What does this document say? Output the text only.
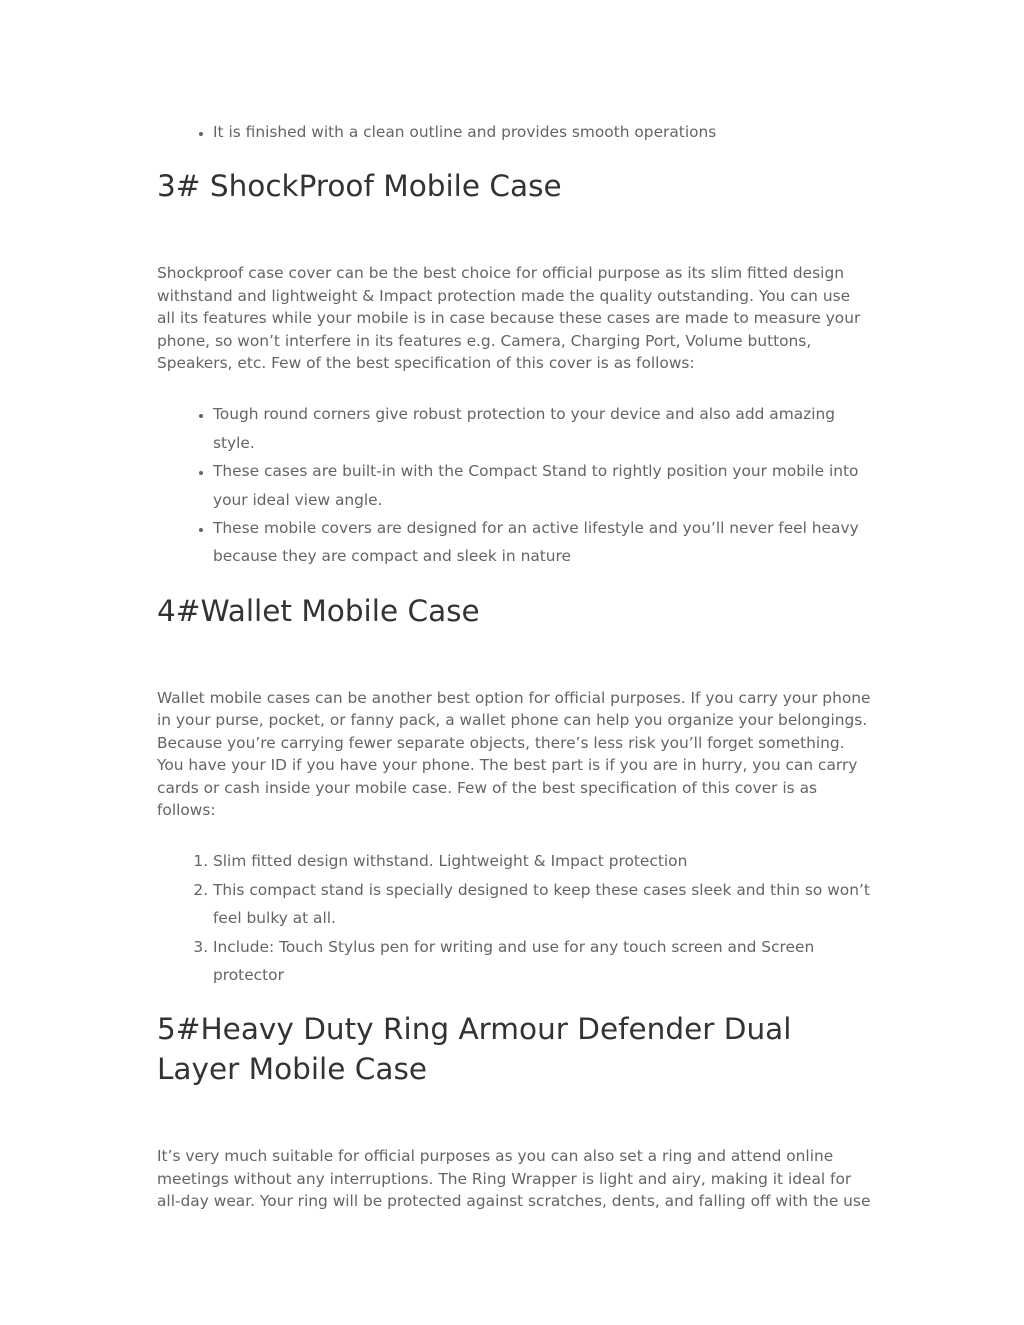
• It is finished with a clean outline and provides smooth operations
3# ShockProof Mobile Case

Shockproof case cover can be the best choice for official purpose as its slim fitted design withstand and lightweight & Impact protection made the quality outstanding. You can use all its features while your mobile is in case because these cases are made to measure your phone, so won’t interfere in its features e.g. Camera, Charging Port, Volume buttons, Speakers, etc. Few of the best specification of this cover is as follows:

• Tough round corners give robust protection to your device and also add amazing style.
• These cases are built-in with the Compact Stand to rightly position your mobile into your ideal view angle.
• These mobile covers are designed for an active lifestyle and you’ll never feel heavy because they are compact and sleek in nature
4#Wallet Mobile Case

Wallet mobile cases can be another best option for official purposes. If you carry your phone in your purse, pocket, or fanny pack, a wallet phone can help you organize your belongings. Because you’re carrying fewer separate objects, there’s less risk you’ll forget something. You have your ID if you have your phone. The best part is if you are in hurry, you can carry cards or cash inside your mobile case. Few of the best specification of this cover is as follows:

1. Slim fitted design withstand. Lightweight & Impact protection
2. This compact stand is specially designed to keep these cases sleek and thin so won’t feel bulky at all.
3. Include: Touch Stylus pen for writing and use for any touch screen and Screen protector
5#Heavy Duty Ring Armour Defender Dual Layer Mobile Case

It’s very much suitable for official purposes as you can also set a ring and attend online meetings without any interruptions. The Ring Wrapper is light and airy, making it ideal for all-day wear. Your ring will be protected against scratches, dents, and falling off with the use
